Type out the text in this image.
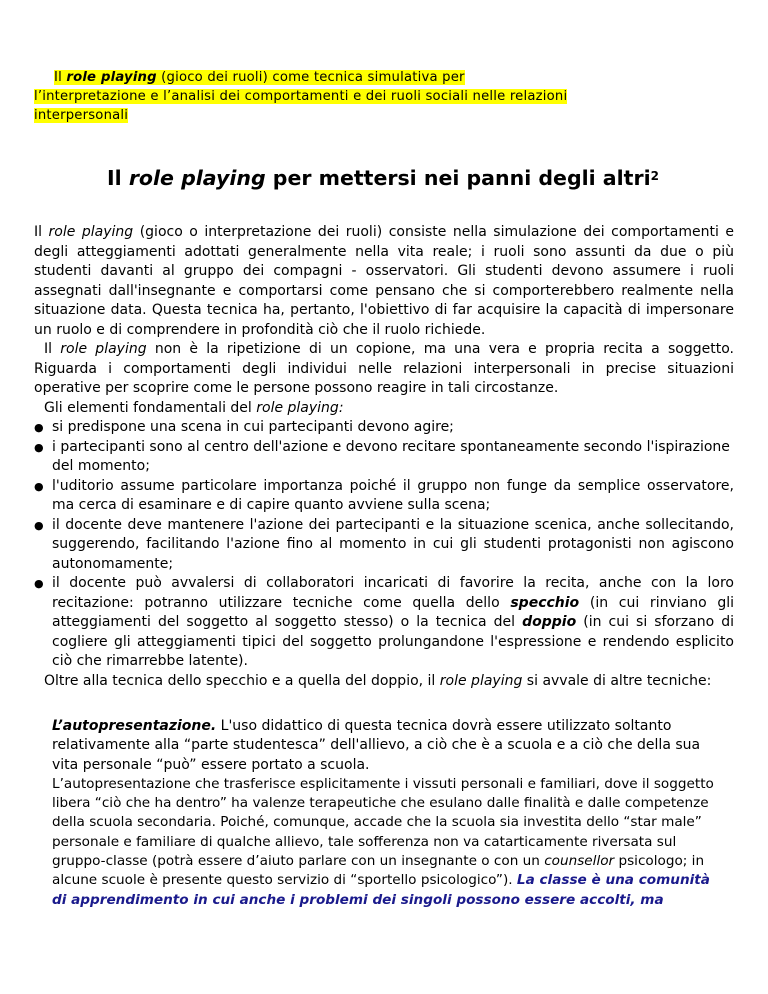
Il role playing (gioco dei ruoli) come tecnica simulativa per
l’interpretazione e l’analisi dei comportamenti e dei ruoli sociali nelle relazioni
interpersonali
Il role playing per mettersi nei panni degli altri$^2$

Il role playing (gioco o interpretazione dei ruoli) consiste nella simulazione dei comportamenti e degli atteggiamenti adottati generalmente nella vita reale; i ruoli sono assunti da due o più studenti davanti al gruppo dei compagni - osservatori. Gli studenti devono assumere i ruoli assegnati dall'insegnante e comportarsi come pensano che si comporterebbero realmente nella situazione data. Questa tecnica ha, pertanto, l'obiettivo di far acquisire la capacità di impersonare un ruolo e di comprendere in profondità ciò che il ruolo richiede.

Il role playing non è la ripetizione di un copione, ma una vera e propria recita a soggetto. Riguarda i comportamenti degli individui nelle relazioni interpersonali in precise situazioni operative per scoprire come le persone possono reagire in tali circostanze.

Gli elementi fondamentali del role playing:

● si predispone una scena in cui partecipanti devono agire;
● i partecipanti sono al centro dell'azione e devono recitare spontaneamente secondo l'ispirazione del momento;
● l'uditorio assume particolare importanza poiché il gruppo non funge da semplice osservatore, ma cerca di esaminare e di capire quanto avviene sulla scena;
● il docente deve mantenere l'azione dei partecipanti e la situazione scenica, anche sollecitando, suggerendo, facilitando l'azione fino al momento in cui gli studenti protagonisti non agiscono autonomamente;
● il docente può avvalersi di collaboratori incaricati di favorire la recita, anche con la loro recitazione: potranno utilizzare tecniche come quella dello specchio (in cui rinviano gli atteggiamenti del soggetto al soggetto stesso) o la tecnica del doppio (in cui si sforzano di cogliere gli atteggiamenti tipici del soggetto prolungandone l'espressione e rendendo esplicito ciò che rimarrebbe latente).

Oltre alla tecnica dello specchio e a quella del doppio, il role playing si avvale di altre tecniche:

L’autopresentazione. L'uso didattico di questa tecnica dovrà essere utilizzato soltanto relativamente alla “parte studentesca” dell'allievo, a ciò che è a scuola e a ciò che della sua vita personale “può” essere portato a scuola.

L’autopresentazione che trasferisce esplicitamente i vissuti personali e familiari, dove il soggetto libera “ciò che ha dentro” ha valenze terapeutiche che esulano dalle finalità e dalle competenze della scuola secondaria. Poiché, comunque, accade che la scuola sia investita dello “star male” personale e familiare di qualche allievo, tale sofferenza non va catarticamente riversata sul gruppo-classe (potrà essere d’aiuto parlare con un insegnante o con un counsellor psicologo; in alcune scuole è presente questo servizio di “sportello psicologico”). La classe è una comunità di apprendimento in cui anche i problemi dei singoli possono essere accolti, ma
